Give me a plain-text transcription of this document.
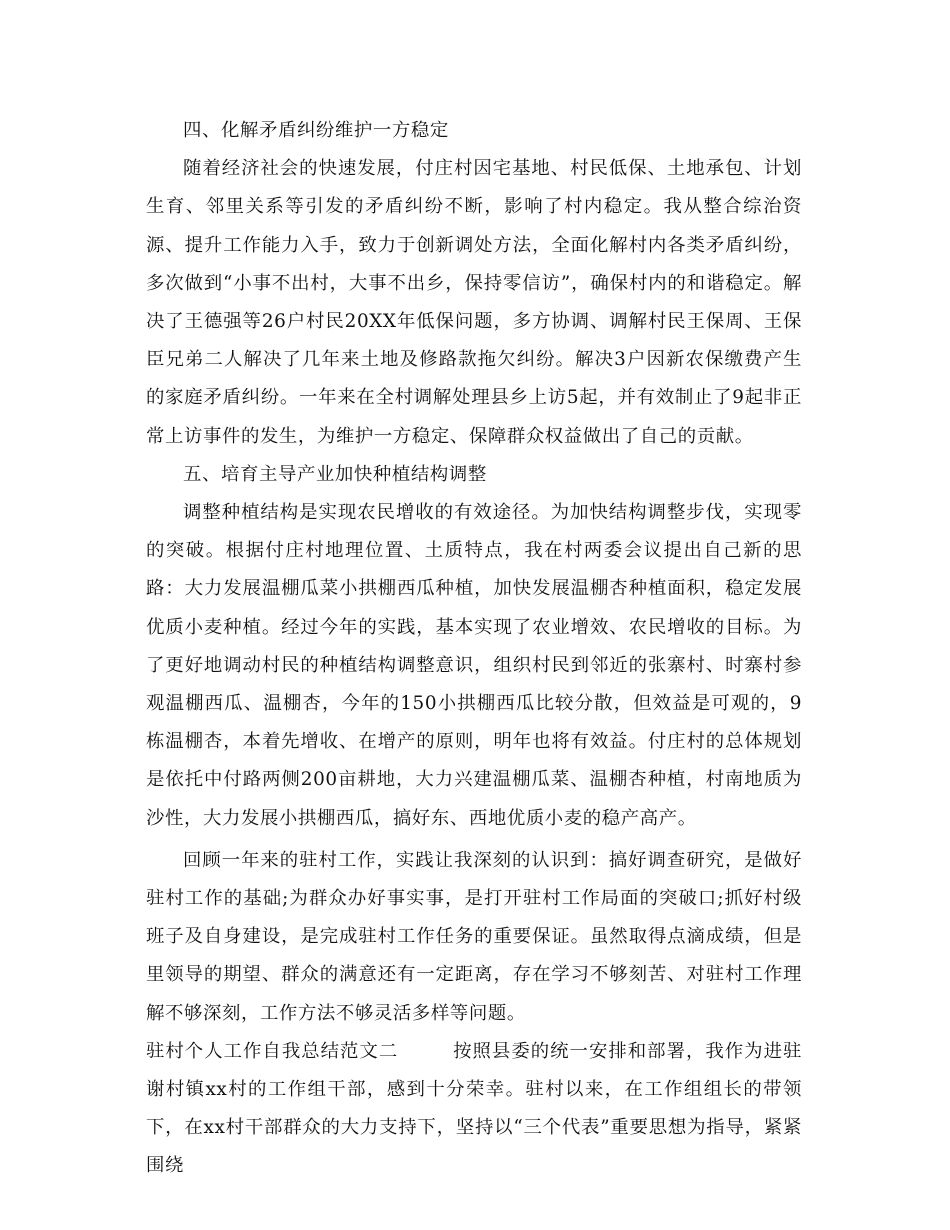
四、化解矛盾纠纷维护一方稳定

随着经济社会的快速发展，付庄村因宅基地、村民低保、土地承包、计划生育、邻里关系等引发的矛盾纠纷不断，影响了村内稳定。我从整合综治资源、提升工作能力入手，致力于创新调处方法，全面化解村内各类矛盾纠纷，多次做到“小事不出村，大事不出乡，保持零信访”，确保村内的和谐稳定。解决了王德强等26户村民20XX年低保问题，多方协调、调解村民王保周、王保臣兄弟二人解决了几年来土地及修路款拖欠纠纷。解决3户因新农保缴费产生的家庭矛盾纠纷。一年来在全村调解处理县乡上访5起，并有效制止了9起非正常上访事件的发生，为维护一方稳定、保障群众权益做出了自己的贡献。

五、培育主导产业加快种植结构调整

调整种植结构是实现农民增收的有效途径。为加快结构调整步伐，实现零的突破。根据付庄村地理位置、土质特点，我在村两委会议提出自己新的思路：大力发展温棚瓜菜小拱棚西瓜种植，加快发展温棚杏种植面积，稳定发展优质小麦种植。经过今年的实践，基本实现了农业增效、农民增收的目标。为了更好地调动村民的种植结构调整意识，组织村民到邻近的张寨村、时寨村参观温棚西瓜、温棚杏，今年的150小拱棚西瓜比较分散，但效益是可观的，9栋温棚杏，本着先增收、在增产的原则，明年也将有效益。付庄村的总体规划是依托中付路两侧200亩耕地，大力兴建温棚瓜菜、温棚杏种植，村南地质为沙性，大力发展小拱棚西瓜，搞好东、西地优质小麦的稳产高产。

回顾一年来的驻村工作，实践让我深刻的认识到：搞好调查研究，是做好驻村工作的基础;为群众办好事实事，是打开驻村工作局面的突破口;抓好村级班子及自身建设，是完成驻村工作任务的重要保证。虽然取得点滴成绩，但是里领导的期望、群众的满意还有一定距离，存在学习不够刻苦、对驻村工作理解不够深刻，工作方法不够灵活多样等问题。

驻村个人工作自我总结范文二	按照县委的统一安排和部署，我作为进驻谢村镇xx村的工作组干部，感到十分荣幸。驻村以来，在工作组组长的带领下，在xx村干部群众的大力支持下，坚持以“三个代表”重要思想为指导，紧紧围绕
